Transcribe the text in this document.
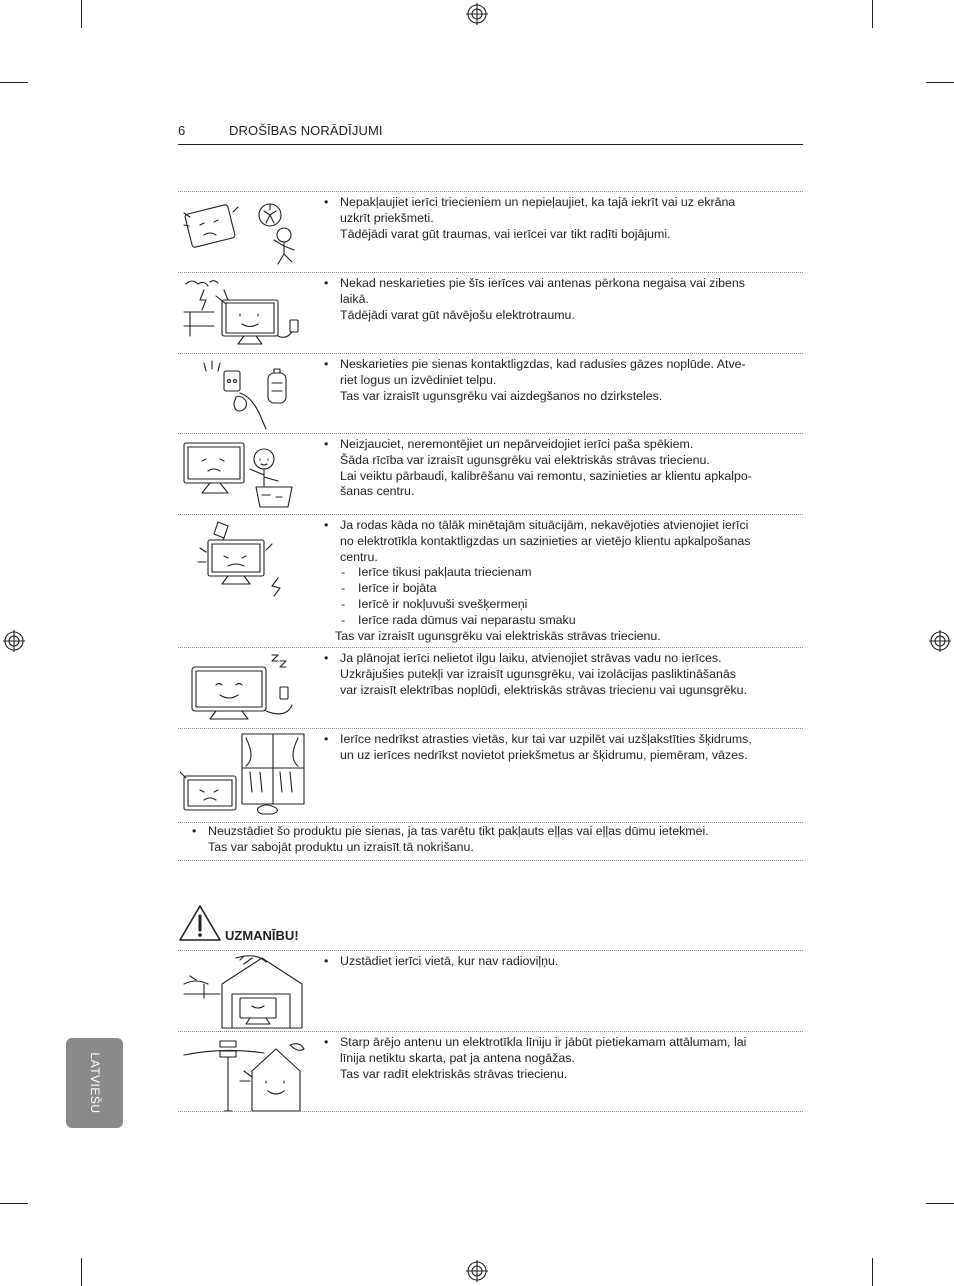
6	DROŠĪBAS NORĀDĪJUMI
• Nepakļaujiet ierīci triecieniem un nepieļaujiet, ka tajā iekrīt vai uz ekrāna
uzkrīt priekšmeti.
Tādējādi varat gūt traumas, vai ierīcei var tikt radīti bojājumi.
• Nekad neskarieties pie šīs ierīces vai antenas pērkona negaisa vai zibens
laikā.
Tādējādi varat gūt nāvējošu elektrotraumu.
• Neskarieties pie sienas kontaktligzdas, kad radusies gāzes noplūde. Atve-
riet logus un izvēdiniet telpu.
Tas var izraisīt ugunsgrēku vai aizdegšanos no dzirksteles.
• Neizjauciet, neremontējiet un nepārveidojiet ierīci paša spēkiem.
Šāda rīcība var izraisīt ugunsgrēku vai elektriskās strāvas triecienu.
Lai veiktu pārbaudi, kalibrēšanu vai remontu, sazinieties ar klientu apkalpo-
šanas centru.
• Ja rodas kāda no tālāk minētajām situācijām, nekavējoties atvienojiet ierīci
no elektrotīkla kontaktligzdas un sazinieties ar vietējo klientu apkalpošanas
centru.
- Ierīce tikusi pakļauta triecienam
- Ierīce ir bojāta
- Ierīcē ir nokļuvuši svešķermeņi
- Ierīce rada dūmus vai neparastu smaku
Tas var izraisīt ugunsgrēku vai elektriskās strāvas triecienu.
• Ja plānojat ierīci nelietot ilgu laiku, atvienojiet strāvas vadu no ierīces.
Uzkrājušies putekļi var izraisīt ugunsgrēku, vai izolācijas pasliktināšanās
var izraisīt elektrības noplūdi, elektriskās strāvas triecienu vai ugunsgrēku.
• Ierīce nedrīkst atrasties vietās, kur tai var uzpilēt vai uzšļakstīties šķidrums,
un uz ierīces nedrīkst novietot priekšmetus ar šķidrumu, piemēram, vāzes.
• Neuzstādiet šo produktu pie sienas, ja tas varētu tikt pakļauts eļļas vai eļļas dūmu ietekmei.
Tas var sabojāt produktu un izraisīt tā nokrišanu.
UZMANĪBU!
• Uzstādiet ierīci vietā, kur nav radioviļņu.
• Starp ārējo antenu un elektrotīkla līniju ir jābūt pietiekamam attālumam, lai
līnija netiktu skarta, pat ja antena nogāžas.
Tas var radīt elektriskās strāvas triecienu.
LATVIEŠU
